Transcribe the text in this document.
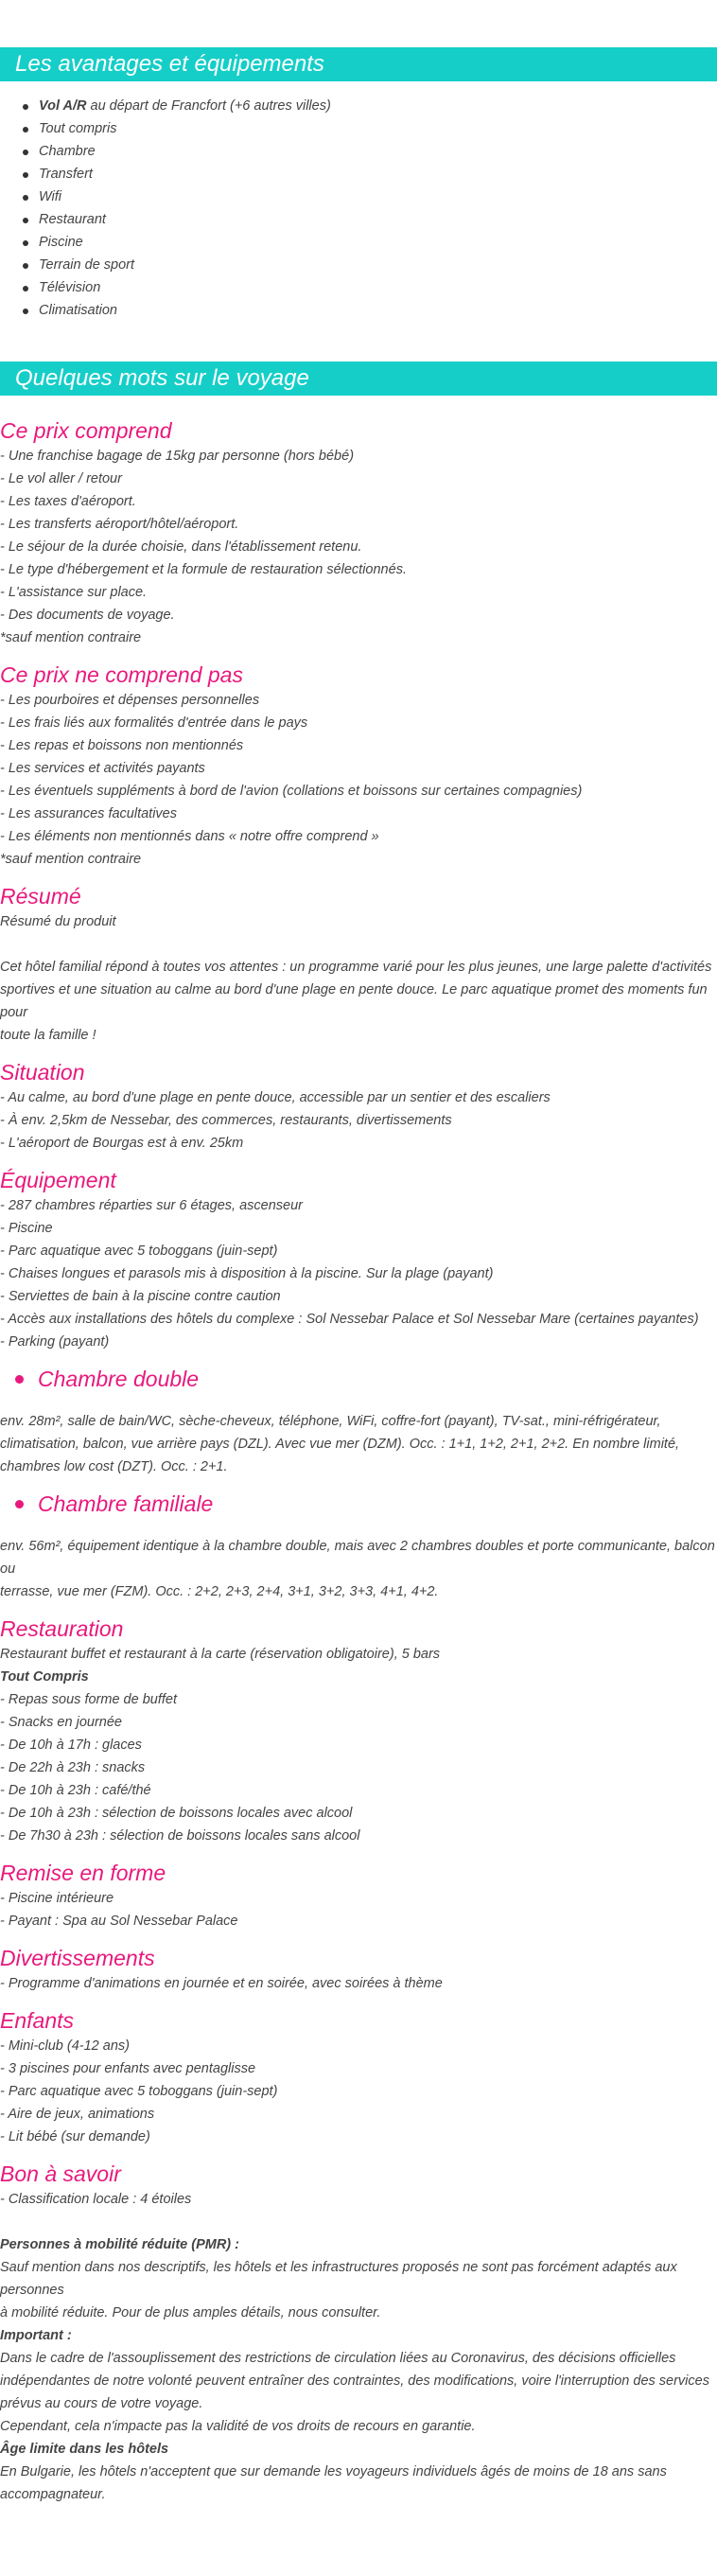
Les avantages et équipements
Vol A/R au départ de Francfort (+6 autres villes)
Tout compris
Chambre
Transfert
Wifi
Restaurant
Piscine
Terrain de sport
Télévision
Climatisation
Quelques mots sur le voyage
Ce prix comprend
- Une franchise bagage de 15kg par personne (hors bébé)
- Le vol aller / retour
- Les taxes d'aéroport.
- Les transferts aéroport/hôtel/aéroport.
- Le séjour de la durée choisie, dans l'établissement retenu.
- Le type d'hébergement et la formule de restauration sélectionnés.
- L'assistance sur place.
- Des documents de voyage.
*sauf mention contraire
Ce prix ne comprend pas
- Les pourboires et dépenses personnelles
- Les frais liés aux formalités d'entrée dans le pays
- Les repas et boissons non mentionnés
- Les services et activités payants
- Les éventuels suppléments à bord de l'avion (collations et boissons sur certaines compagnies)
- Les assurances facultatives
- Les éléments non mentionnés dans « notre offre comprend »
*sauf mention contraire
Résumé
Résumé du produit
Cet hôtel familial répond à toutes vos attentes : un programme varié pour les plus jeunes, une large palette d'activités
sportives et une situation au calme au bord d'une plage en pente douce. Le parc aquatique promet des moments fun pour
toute la famille !
Situation
- Au calme, au bord d'une plage en pente douce, accessible par un sentier et des escaliers
- À env. 2,5km de Nessebar, des commerces, restaurants, divertissements
- L'aéroport de Bourgas est à env. 25km
Équipement
- 287 chambres réparties sur 6 étages, ascenseur
- Piscine
- Parc aquatique avec 5 toboggans (juin-sept)
- Chaises longues et parasols mis à disposition à la piscine. Sur la plage (payant)
- Serviettes de bain à la piscine contre caution
- Accès aux installations des hôtels du complexe : Sol Nessebar Palace et Sol Nessebar Mare (certaines payantes)
- Parking (payant)
Chambre double
env. 28m², salle de bain/WC, sèche-cheveux, téléphone, WiFi, coffre-fort (payant), TV-sat., mini-réfrigérateur,
climatisation, balcon, vue arrière pays (DZL). Avec vue mer (DZM). Occ. : 1+1, 1+2, 2+1, 2+2. En nombre limité,
chambres low cost (DZT). Occ. : 2+1.
Chambre familiale
env. 56m², équipement identique à la chambre double, mais avec 2 chambres doubles et porte communicante, balcon ou
terrasse, vue mer (FZM). Occ. : 2+2, 2+3, 2+4, 3+1, 3+2, 3+3, 4+1, 4+2.
Restauration
Restaurant buffet et restaurant à la carte (réservation obligatoire), 5 bars
Tout Compris
- Repas sous forme de buffet
- Snacks en journée
- De 10h à 17h : glaces
- De 22h à 23h : snacks
- De 10h à 23h : café/thé
- De 10h à 23h : sélection de boissons locales avec alcool
- De 7h30 à 23h : sélection de boissons locales sans alcool
Remise en forme
- Piscine intérieure
- Payant : Spa au Sol Nessebar Palace
Divertissements
- Programme d'animations en journée et en soirée, avec soirées à thème
Enfants
- Mini-club (4-12 ans)
- 3 piscines pour enfants avec pentaglisse
- Parc aquatique avec 5 toboggans (juin-sept)
- Aire de jeux, animations
- Lit bébé (sur demande)
Bon à savoir
- Classification locale : 4 étoiles
Personnes à mobilité réduite (PMR) :
Sauf mention dans nos descriptifs, les hôtels et les infrastructures proposés ne sont pas forcément adaptés aux personnes
à mobilité réduite. Pour de plus amples détails, nous consulter.
Important :
Dans le cadre de l'assouplissement des restrictions de circulation liées au Coronavirus, des décisions officielles
indépendantes de notre volonté peuvent entraîner des contraintes, des modifications, voire l'interruption des services
prévus au cours de votre voyage.
Cependant, cela n'impacte pas la validité de vos droits de recours en garantie.
Âge limite dans les hôtels
En Bulgarie, les hôtels n'acceptent que sur demande les voyageurs individuels âgés de moins de 18 ans sans
accompagnateur.
